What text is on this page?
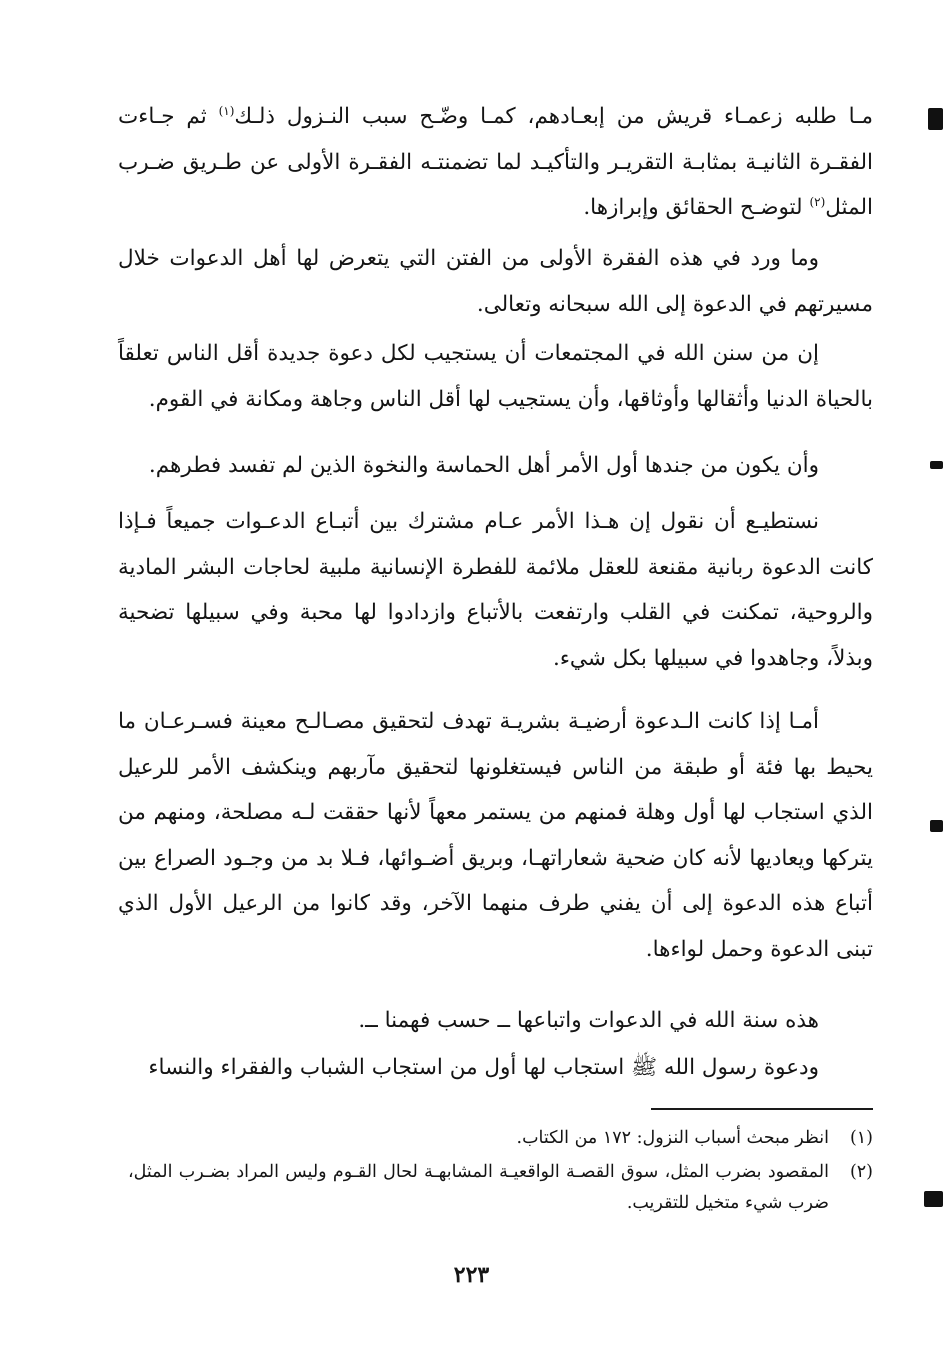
مـا طلبه زعمـاء قريش من إبعـادهم، كمـا وضّـح سبب النـزول ذلـك$^{(١)}$ ثم جـاءت الفقـرة الثانيـة بمثابـة التقريـر والتأكيـد لما تضمنتـه الفقـرة الأولى عن طـريق ضـرب المثل$^{(٢)}$ لتوضـح الحقائق وإبرازها.

وما ورد في هذه الفقرة الأولى من الفتن التي يتعرض لها أهل الدعوات خلال مسيرتهم في الدعوة إلى الله سبحانه وتعالى.

إن من سنن الله في المجتمعات أن يستجيب لكل دعوة جديدة أقل الناس تعلقاً بالحياة الدنيا وأثقالها وأوثاقها، وأن يستجيب لها أقل الناس وجاهة ومكانة في القوم.

وأن يكون من جندها أول الأمر أهل الحماسة والنخوة الذين لم تفسد فطرهم.

نستطيـع أن نقول إن هـذا الأمر عـام مشترك بين أتبـاع الدعـوات جميعاً فـإذا كانت الدعوة ربانية مقنعة للعقل ملائمة للفطرة الإنسانية ملبية لحاجات البشر المادية والروحية، تمكنت في القلب وارتفعت بالأتباع وازدادوا لها محبة وفي سبيلها تضحية وبذلاً، وجاهدوا في سبيلها بكل شيء.

أمـا إذا كانت الـدعوة أرضيـة بشريـة تهدف لتحقيق مصـالـح معينة فسـرعـان ما يحيط بها فئة أو طبقة من الناس فيستغلونها لتحقيق مآربهم وينكشف الأمر للرعيل الذي استجاب لها أول وهلة فمنهم من يستمر معهاً لأنها حققت لـه مصلحة، ومنهم من يتركها ويعاديها لأنه كان ضحية شعاراتهـا، وبريق أضـوائها، فـلا بد من وجـود الصراع بين أتباع هذه الدعوة إلى أن يفني طرف منهما الآخر، وقد كانوا من الرعيل الأول الذي تبنى الدعوة وحمل لواءها.

هذه سنة الله في الدعوات واتباعها ــ حسب فهمنا ــ.

ودعوة رسول الله ﷺ استجاب لها أول من استجاب الشباب والفقراء والنساء

(١)
انظر مبحث أسباب النزول: ١٧٢ من الكتاب.
(٢)
المقصود بضرب المثل، سوق القصـة الواقعيـة المشابهـة لحال القـوم وليس المراد بضـرب المثل، ضرب شيء متخيل للتقريب.
٢٢٣
